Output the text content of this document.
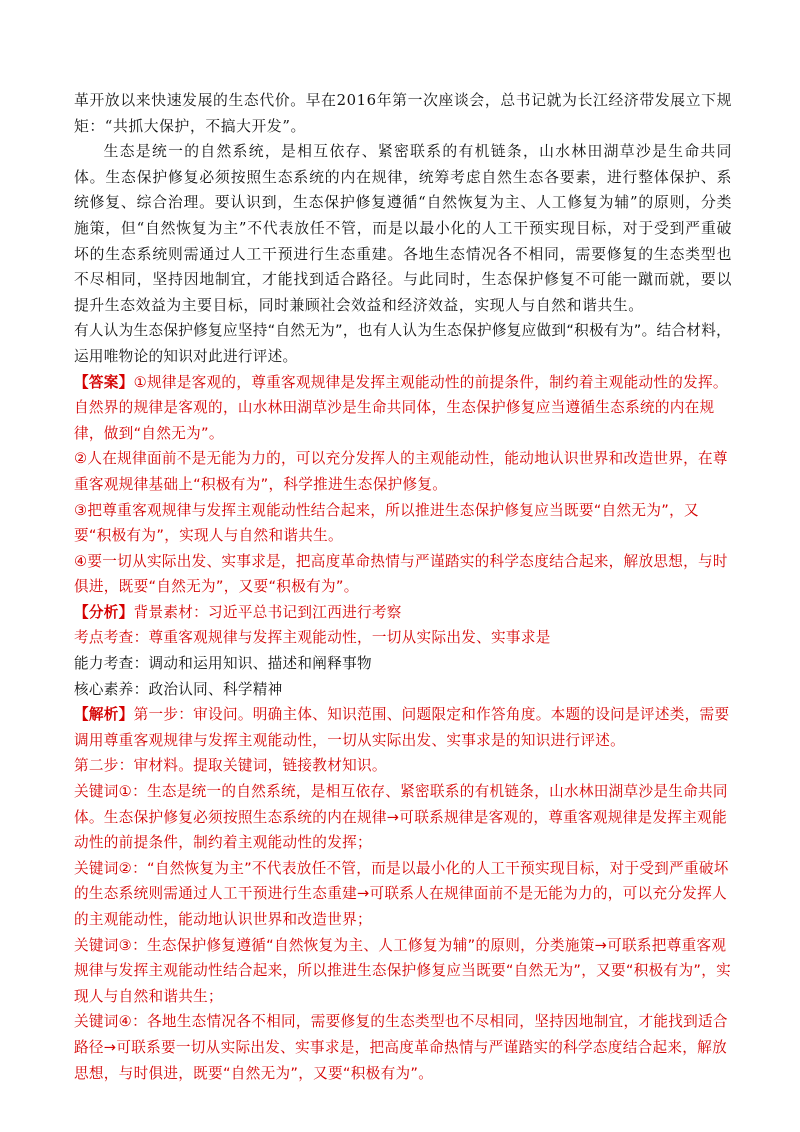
革开放以来快速发展的生态代价。早在2016年第一次座谈会，总书记就为长江经济带发展立下规矩：“共抓大保护，不搞大开发”。

生态是统一的自然系统，是相互依存、紧密联系的有机链条，山水林田湖草沙是生命共同体。生态保护修复必须按照生态系统的内在规律，统筹考虑自然生态各要素，进行整体保护、系统修复、综合治理。要认识到，生态保护修复遵循“自然恢复为主、人工修复为辅”的原则，分类施策，但“自然恢复为主”不代表放任不管，而是以最小化的人工干预实现目标，对于受到严重破坏的生态系统则需通过人工干预进行生态重建。各地生态情况各不相同，需要修复的生态类型也不尽相同，坚持因地制宜，才能找到适合路径。与此同时，生态保护修复不可能一蹴而就，要以提升生态效益为主要目标，同时兼顾社会效益和经济效益，实现人与自然和谐共生。

有人认为生态保护修复应坚持“自然无为”，也有人认为生态保护修复应做到“积极有为”。结合材料，运用唯物论的知识对此进行评述。

【答案】①规律是客观的，尊重客观规律是发挥主观能动性的前提条件，制约着主观能动性的发挥。自然界的规律是客观的，山水林田湖草沙是生命共同体，生态保护修复应当遵循生态系统的内在规律，做到“自然无为”。

②人在规律面前不是无能为力的，可以充分发挥人的主观能动性，能动地认识世界和改造世界，在尊重客观规律基础上“积极有为”，科学推进生态保护修复。

③把尊重客观规律与发挥主观能动性结合起来，所以推进生态保护修复应当既要“自然无为”，又要“积极有为”，实现人与自然和谐共生。

④要一切从实际出发、实事求是，把高度革命热情与严谨踏实的科学态度结合起来，解放思想，与时俱进，既要“自然无为”，又要“积极有为”。

【分析】背景素材：习近平总书记到江西进行考察

考点考查：尊重客观规律与发挥主观能动性，一切从实际出发、实事求是

能力考查：调动和运用知识、描述和阐释事物

核心素养：政治认同、科学精神

【解析】第一步：审设问。明确主体、知识范围、问题限定和作答角度。本题的设问是评述类，需要调用尊重客观规律与发挥主观能动性，一切从实际出发、实事求是的知识进行评述。

第二步：审材料。提取关键词，链接教材知识。

关键词①：生态是统一的自然系统，是相互依存、紧密联系的有机链条，山水林田湖草沙是生命共同体。生态保护修复必须按照生态系统的内在规律→可联系规律是客观的，尊重客观规律是发挥主观能动性的前提条件，制约着主观能动性的发挥；

关键词②：“自然恢复为主”不代表放任不管，而是以最小化的人工干预实现目标，对于受到严重破坏的生态系统则需通过人工干预进行生态重建→可联系人在规律面前不是无能为力的，可以充分发挥人的主观能动性，能动地认识世界和改造世界；

关键词③：生态保护修复遵循“自然恢复为主、人工修复为辅”的原则，分类施策→可联系把尊重客观规律与发挥主观能动性结合起来，所以推进生态保护修复应当既要“自然无为”，又要“积极有为”，实现人与自然和谐共生；

关键词④：各地生态情况各不相同，需要修复的生态类型也不尽相同，坚持因地制宜，才能找到适合路径→可联系要一切从实际出发、实事求是，把高度革命热情与严谨踏实的科学态度结合起来，解放思想，与时俱进，既要“自然无为”，又要“积极有为”。
